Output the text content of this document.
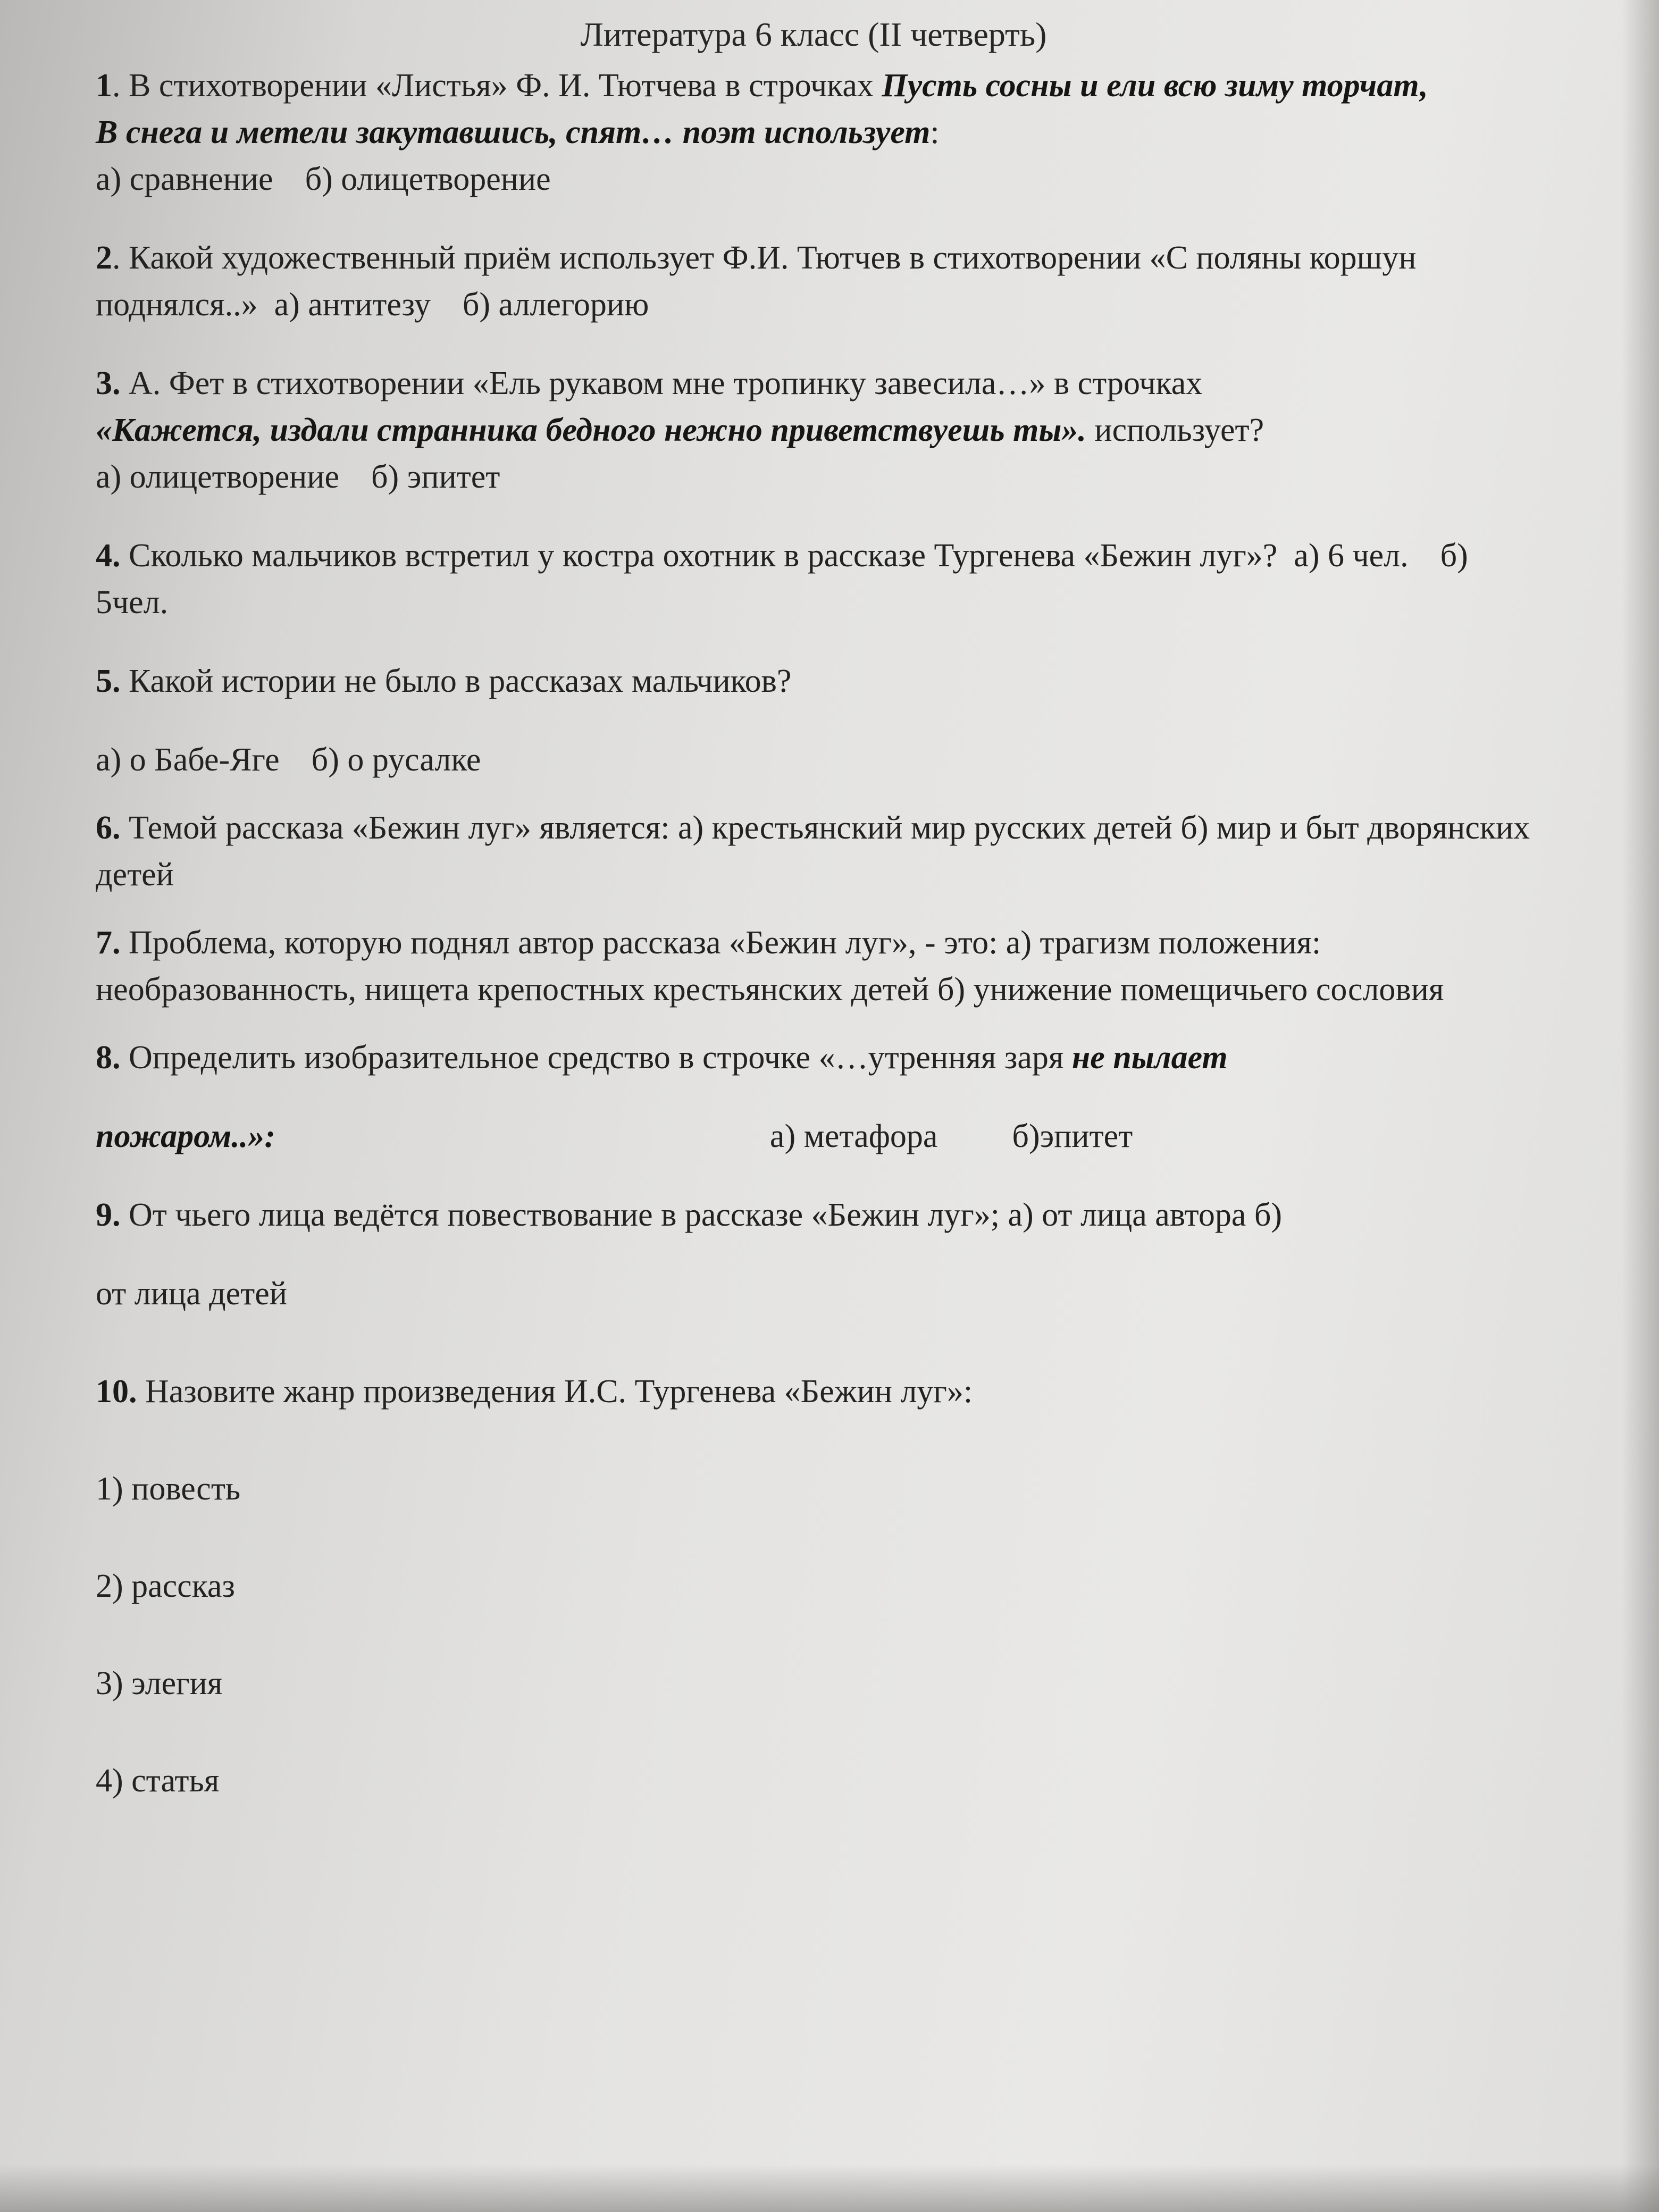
Литература 6 класс (II четверть)

1. В стихотворении «Листья» Ф. И. Тютчева в строчках Пусть сосны и ели всю зиму торчат,
В снега и метели закутавшись, спят… поэт использует:

а) сравнение б) олицетворение

2. Какой художественный приём использует Ф.И. Тютчев в стихотворении «С поляны коршун поднялся..» а) антитезу б) аллегорию

3. А. Фет в стихотворении «Ель рукавом мне тропинку завесила…» в строчках
«Кажется, издали странника бедного нежно приветствуешь ты». использует?

а) олицетворение б) эпитет

4. Сколько мальчиков встретил у костра охотник в рассказе Тургенева «Бежин луг»? а) 6 чел. б) 5чел.

5. Какой истории не было в рассказах мальчиков?

а) о Бабе-Яге б) о русалке

6. Темой рассказа «Бежин луг» является: а) крестьянский мир русских детей б) мир и быт дворянских детей

7. Проблема, которую поднял автор рассказа «Бежин луг», - это: а) трагизм положения: необразованность, нищета крепостных крестьянских детей б) унижение помещичьего сословия

8. Определить изобразительное средство в строчке «…утренняя заря не пылает

пожаром..»:	а) метафора б)эпитет

9. От чьего лица ведётся повествование в рассказе «Бежин луг»; а) от лица автора б)

от лица детей

10. Назовите жанр произведения И.С. Тургенева «Бежин луг»:

1) повесть

2) рассказ

3) элегия

4) статья
